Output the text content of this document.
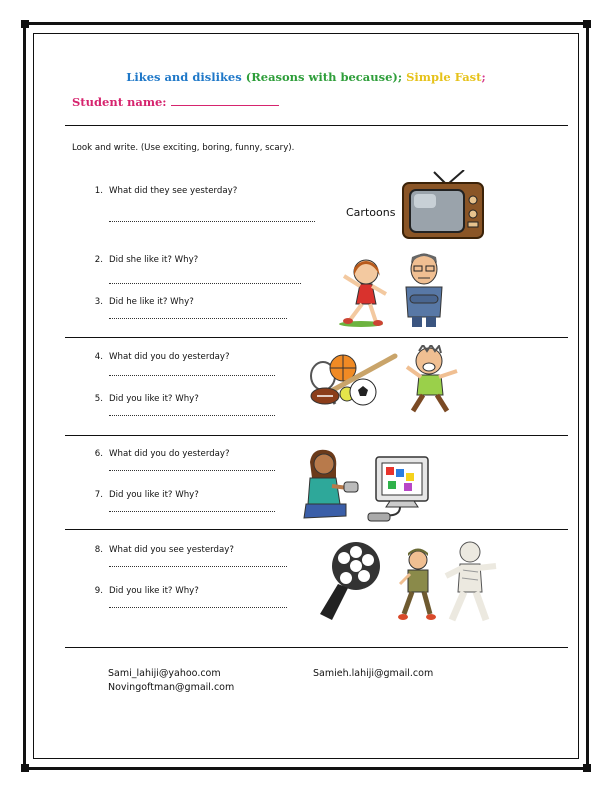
Likes and dislikes (Reasons with because); Simple Fast;
Student name:
Look and write. (Use exciting, boring, funny, scary).
1. What did they see yesterday?
Cartoons
2. Did she like it? Why?
3. Did he like it? Why?
4. What did you do yesterday?
5. Did you like it? Why?
6. What did you do yesterday?
7. Did you like it? Why?
8. What did you see yesterday?
9. Did you like it? Why?
Sami_lahiji@yahoo.com
Novingoftman@gmail.com
Samieh.lahiji@gmail.com
